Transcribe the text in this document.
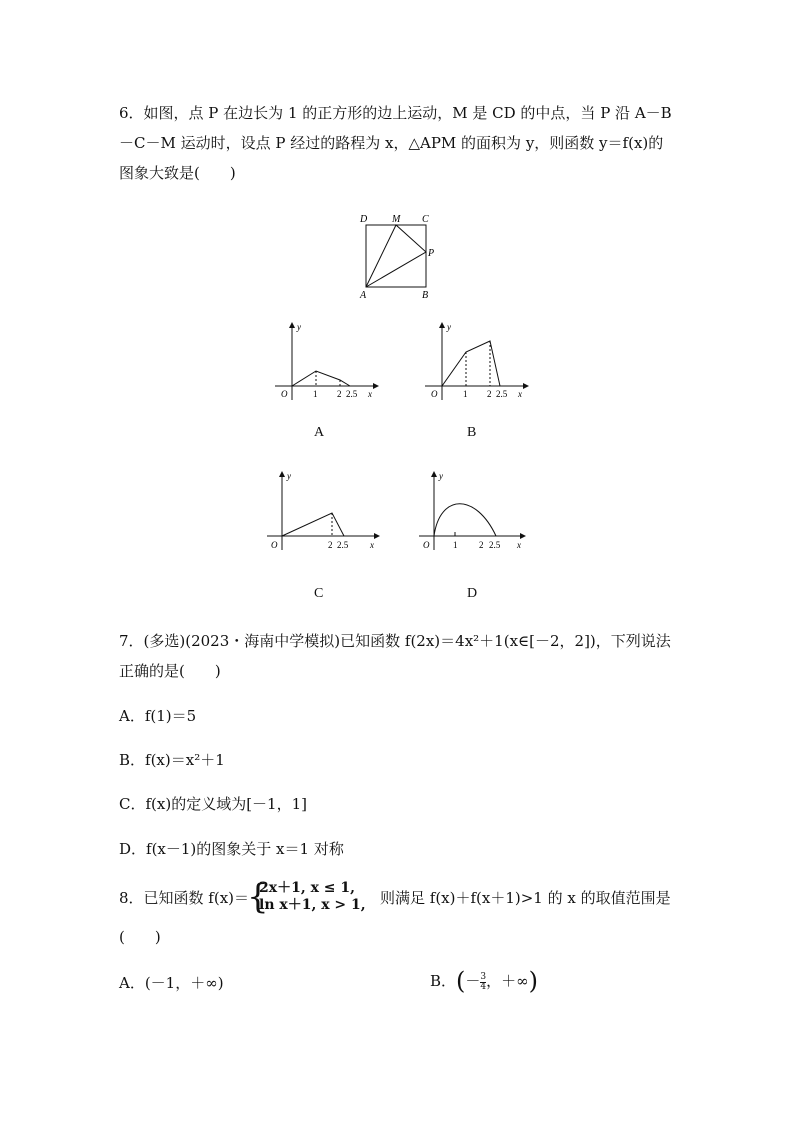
6．如图，点 P 在边长为 1 的正方形的边上运动，M 是 CD 的中点，当 P 沿 A－B
－C－M 运动时，设点 P 经过的路程为 x，△APM 的面积为 y，则函数 y＝f(x)的
图象大致是(　　)
D M C
P
A	B
y
x
O	1 2 2.5
A
y
x
O	1 2 2.5
B
y
x
O	2 2.5
C
y
x
O	1 2 2.5
D
7．(多选)(2023・海南中学模拟)已知函数 f(2x)＝4x²＋1(x∈[－2，2])，下列说法
正确的是(　　)
A．f(1)＝5
B．f(x)＝x²＋1
C．f(x)的定义域为[－1，1]
D．f(x－1)的图象关于 x＝1 对称
8．已知函数 f(x)＝
{
2x＋1, x ≤ 1,
ln x＋1, x > 1, 则满足 f(x)＋f(x＋1)>1 的 x 的取值范围是
(　　)
A．(－1，＋∞)	B．(－ $\frac{3}{4}$ ，＋∞)
